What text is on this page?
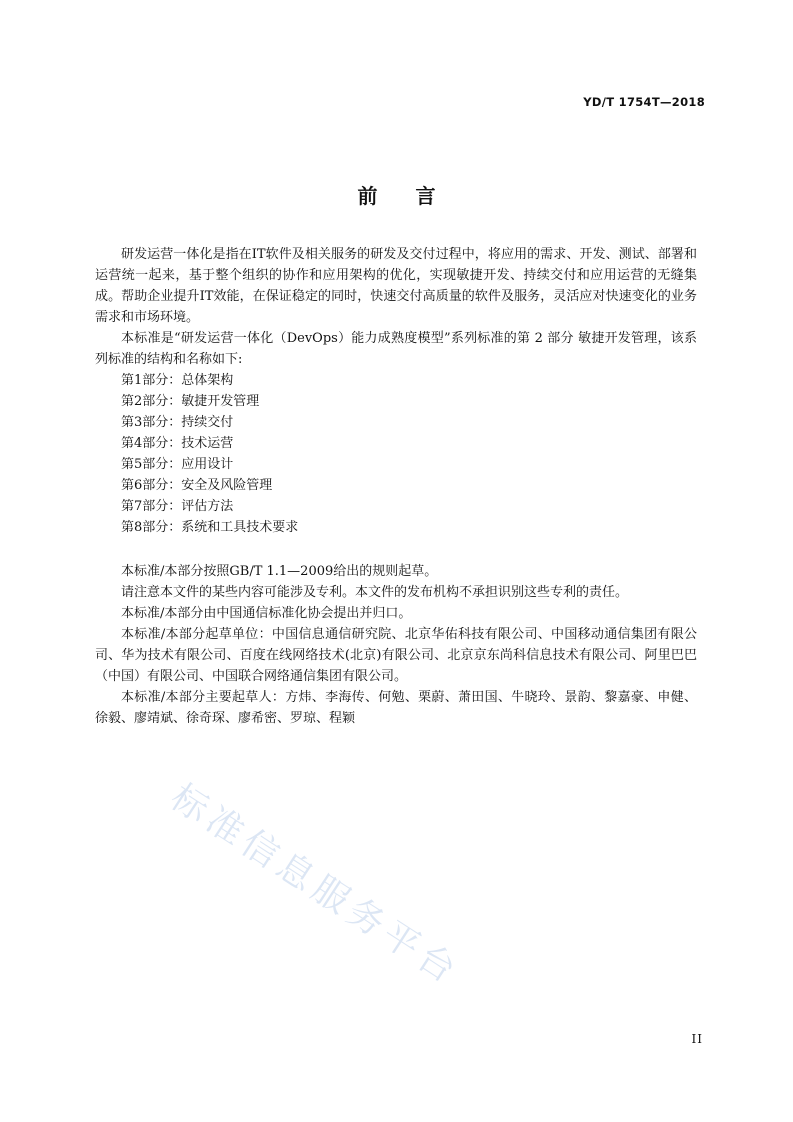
YD/T 1754T—2018
前言

研发运营一体化是指在IT软件及相关服务的研发及交付过程中，将应用的需求、开发、测试、部署和运营统一起来，基于整个组织的协作和应用架构的优化，实现敏捷开发、持续交付和应用运营的无缝集成。帮助企业提升IT效能，在保证稳定的同时，快速交付高质量的软件及服务，灵活应对快速变化的业务需求和市场环境。

本标准是“研发运营一体化（DevOps）能力成熟度模型”系列标准的第 2 部分 敏捷开发管理，该系列标准的结构和名称如下:

第1部分：总体架构
第2部分：敏捷开发管理
第3部分：持续交付
第4部分：技术运营
第5部分：应用设计
第6部分：安全及风险管理
第7部分：评估方法
第8部分：系统和工具技术要求

本标准/本部分按照GB/T 1.1—2009给出的规则起草。

请注意本文件的某些内容可能涉及专利。本文件的发布机构不承担识别这些专利的责任。

本标准/本部分由中国通信标准化协会提出并归口。

本标准/本部分起草单位：中国信息通信研究院、北京华佑科技有限公司、中国移动通信集团有限公司、华为技术有限公司、百度在线网络技术(北京)有限公司、北京京东尚科信息技术有限公司、阿里巴巴（中国）有限公司、中国联合网络通信集团有限公司。

本标准/本部分主要起草人：方炜、李海传、何勉、栗蔚、萧田国、牛晓玲、景韵、黎嘉豪、申健、徐毅、廖靖斌、徐奇琛、廖希密、罗琼、程颖

标准信息服务平台
II
